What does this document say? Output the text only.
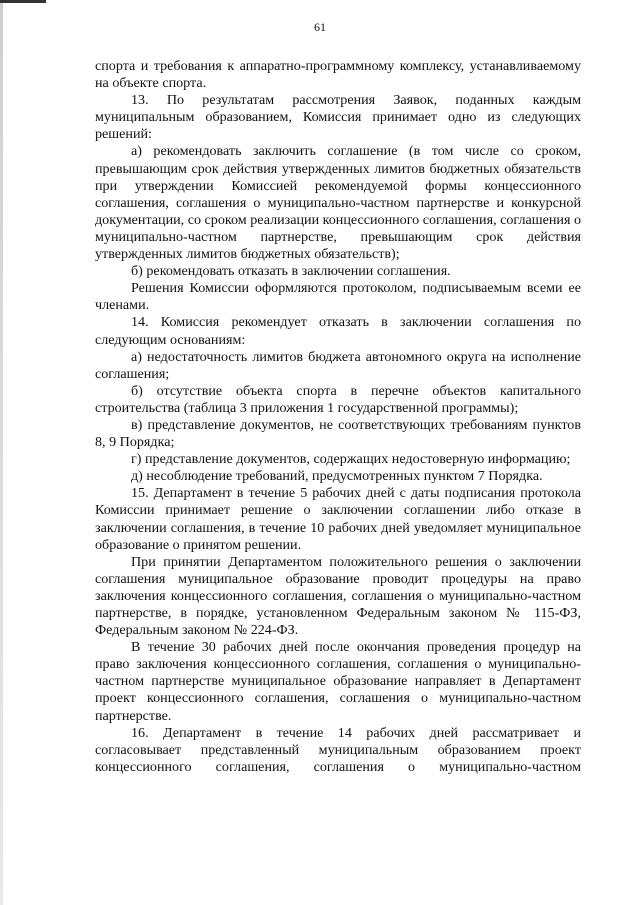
61

спорта и требования к аппаратно-программному комплексу, устанавливаемому на объекте спорта.

13. По результатам рассмотрения Заявок, поданных каждым муниципальным образованием, Комиссия принимает одно из следующих решений:

а) рекомендовать заключить соглашение (в том числе со сроком, превышающим срок действия утвержденных лимитов бюджетных обязательств при утверждении Комиссией рекомендуемой формы концессионного соглашения, соглашения о муниципально-частном партнерстве и конкурсной документации, со сроком реализации концессионного соглашения, соглашения о муниципально-частном партнерстве, превышающим срок действия утвержденных лимитов бюджетных обязательств);

б) рекомендовать отказать в заключении соглашения.

Решения Комиссии оформляются протоколом, подписываемым всеми ее членами.

14. Комиссия рекомендует отказать в заключении соглашения по следующим основаниям:

а) недостаточность лимитов бюджета автономного округа на исполнение соглашения;

б) отсутствие объекта спорта в перечне объектов капитального строительства (таблица 3 приложения 1 государственной программы);

в) представление документов, не соответствующих требованиям пунктов 8, 9 Порядка;

г) представление документов, содержащих недостоверную информацию;

д) несоблюдение требований, предусмотренных пунктом 7 Порядка.

15. Департамент в течение 5 рабочих дней с даты подписания протокола Комиссии принимает решение о заключении соглашении либо отказе в заключении соглашения, в течение 10 рабочих дней уведомляет муниципальное образование о принятом решении.

При принятии Департаментом положительного решения о заключении соглашения муниципальное образование проводит процедуры на право заключения концессионного соглашения, соглашения о муниципально-частном партнерстве, в порядке, установленном Федеральным законом № 115-ФЗ, Федеральным законом № 224-ФЗ.

В течение 30 рабочих дней после окончания проведения процедур на право заключения концессионного соглашения, соглашения о муниципально-частном партнерстве муниципальное образование направляет в Департамент проект концессионного соглашения, соглашения о муниципально-частном партнерстве.

16. Департамент в течение 14 рабочих дней рассматривает и согласовывает представленный муниципальным образованием проект концессионного соглашения, соглашения о муниципально-частном
